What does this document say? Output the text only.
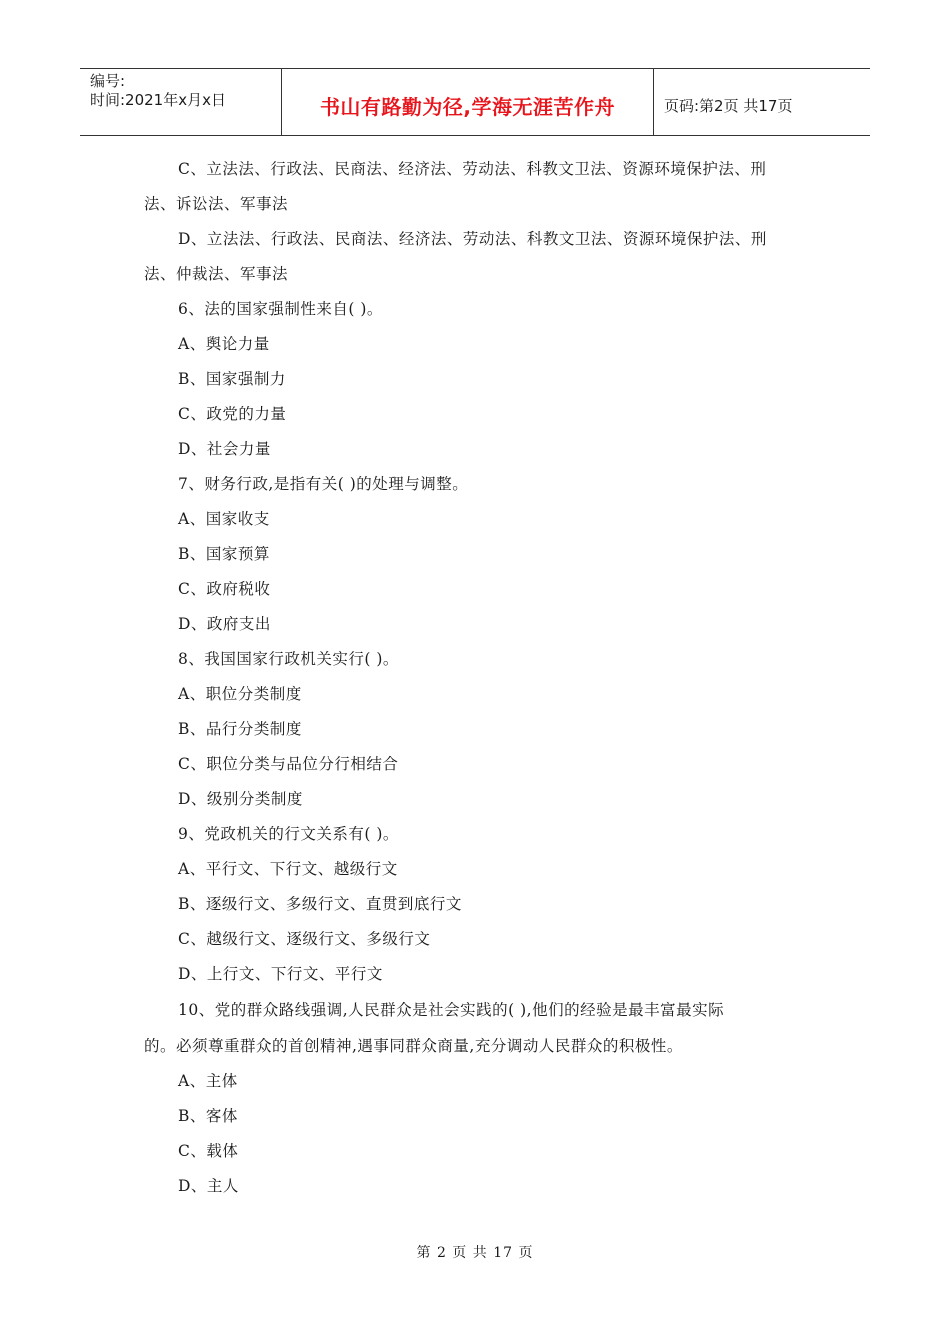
编号:
时间:2021年x月x日	书山有路勤为径,学海无涯苦作舟	页码:第2页 共17页
C、立法法、行政法、民商法、经济法、劳动法、科教文卫法、资源环境保护法、刑
法、诉讼法、军事法
D、立法法、行政法、民商法、经济法、劳动法、科教文卫法、资源环境保护法、刑
法、仲裁法、军事法
6、法的国家强制性来自( )。
A、舆论力量
B、国家强制力
C、政党的力量
D、社会力量
7、财务行政,是指有关( )的处理与调整。
A、国家收支
B、国家预算
C、政府税收
D、政府支出
8、我国国家行政机关实行( )。
A、职位分类制度
B、品行分类制度
C、职位分类与品位分行相结合
D、级别分类制度
9、党政机关的行文关系有( )。
A、平行文、下行文、越级行文
B、逐级行文、多级行文、直贯到底行文
C、越级行文、逐级行文、多级行文
D、上行文、下行文、平行文
10、党的群众路线强调,人民群众是社会实践的( ),他们的经验是最丰富最实际
的。必须尊重群众的首创精神,遇事同群众商量,充分调动人民群众的积极性。
A、主体
B、客体
C、载体
D、主人
第 2 页 共 17 页
